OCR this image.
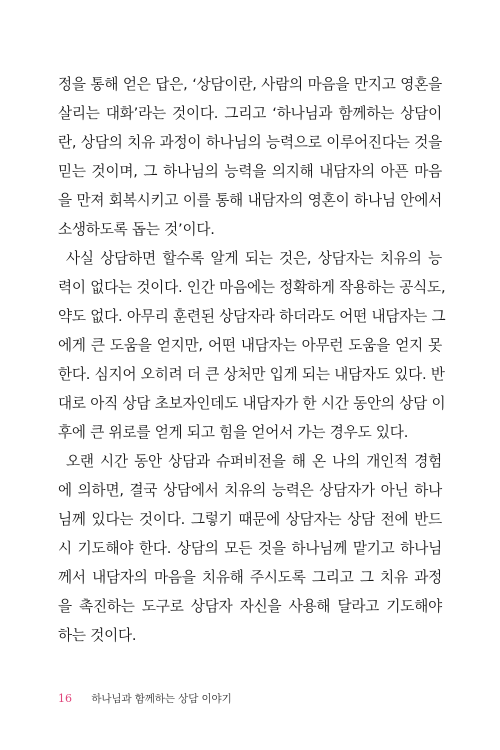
정을 통해 얻은 답은, ‘상담이란, 사람의 마음을 만지고 영혼을
살리는 대화’라는 것이다. 그리고 ‘하나님과 함께하는 상담이
란, 상담의 치유 과정이 하나님의 능력으로 이루어진다는 것을
믿는 것이며, 그 하나님의 능력을 의지해 내담자의 아픈 마음
을 만져 회복시키고 이를 통해 내담자의 영혼이 하나님 안에서
소생하도록 돕는 것’이다.
사실 상담하면 할수록 알게 되는 것은, 상담자는 치유의 능
력이 없다는 것이다. 인간 마음에는 정확하게 작용하는 공식도,
약도 없다. 아무리 훈련된 상담자라 하더라도 어떤 내담자는 그
에게 큰 도움을 얻지만, 어떤 내담자는 아무런 도움을 얻지 못
한다. 심지어 오히려 더 큰 상처만 입게 되는 내담자도 있다. 반
대로 아직 상담 초보자인데도 내담자가 한 시간 동안의 상담 이
후에 큰 위로를 얻게 되고 힘을 얻어서 가는 경우도 있다.
오랜 시간 동안 상담과 슈퍼비전을 해 온 나의 개인적 경험
에 의하면, 결국 상담에서 치유의 능력은 상담자가 아닌 하나
님께 있다는 것이다. 그렇기 때문에 상담자는 상담 전에 반드
시 기도해야 한다. 상담의 모든 것을 하나님께 맡기고 하나님
께서 내담자의 마음을 치유해 주시도록 그리고 그 치유 과정
을 촉진하는 도구로 상담자 자신을 사용해 달라고 기도해야
하는 것이다.
16 하나님과 함께하는 상담 이야기
